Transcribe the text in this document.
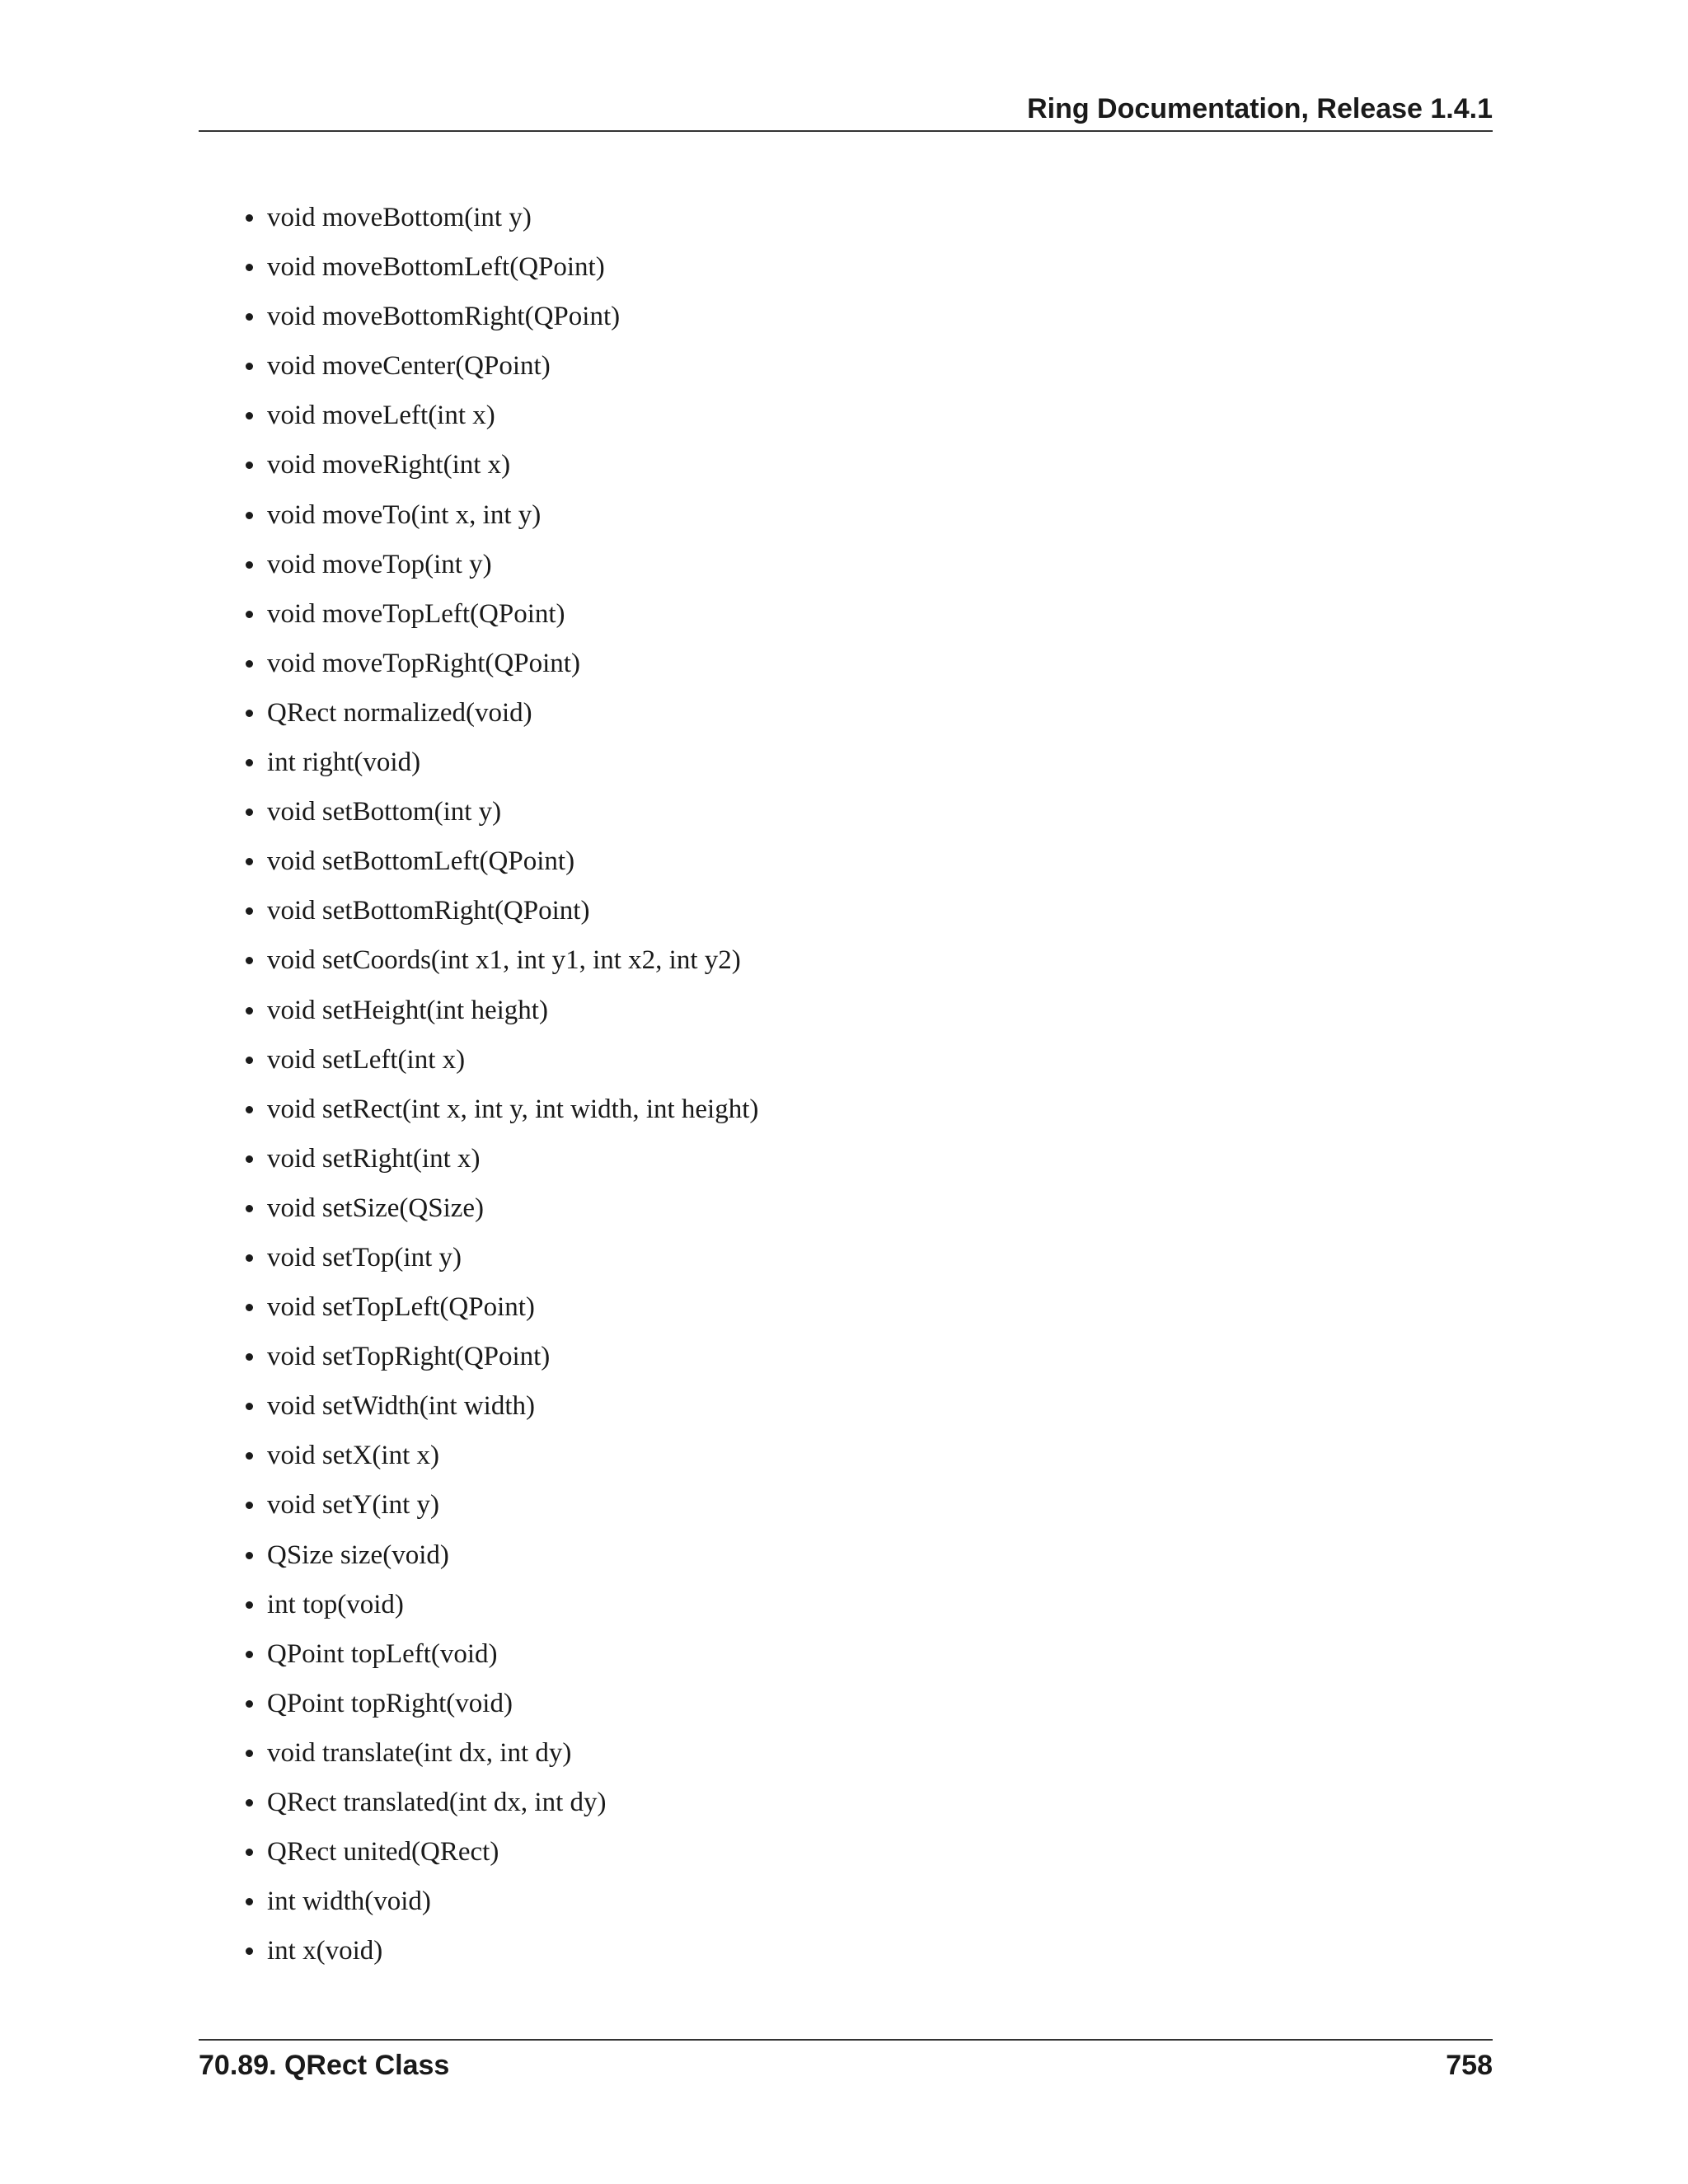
Ring Documentation, Release 1.4.1
void moveBottom(int y)
void moveBottomLeft(QPoint)
void moveBottomRight(QPoint)
void moveCenter(QPoint)
void moveLeft(int x)
void moveRight(int x)
void moveTo(int x, int y)
void moveTop(int y)
void moveTopLeft(QPoint)
void moveTopRight(QPoint)
QRect normalized(void)
int right(void)
void setBottom(int y)
void setBottomLeft(QPoint)
void setBottomRight(QPoint)
void setCoords(int x1, int y1, int x2, int y2)
void setHeight(int height)
void setLeft(int x)
void setRect(int x, int y, int width, int height)
void setRight(int x)
void setSize(QSize)
void setTop(int y)
void setTopLeft(QPoint)
void setTopRight(QPoint)
void setWidth(int width)
void setX(int x)
void setY(int y)
QSize size(void)
int top(void)
QPoint topLeft(void)
QPoint topRight(void)
void translate(int dx, int dy)
QRect translated(int dx, int dy)
QRect united(QRect)
int width(void)
int x(void)
70.89. QRect Class	758
